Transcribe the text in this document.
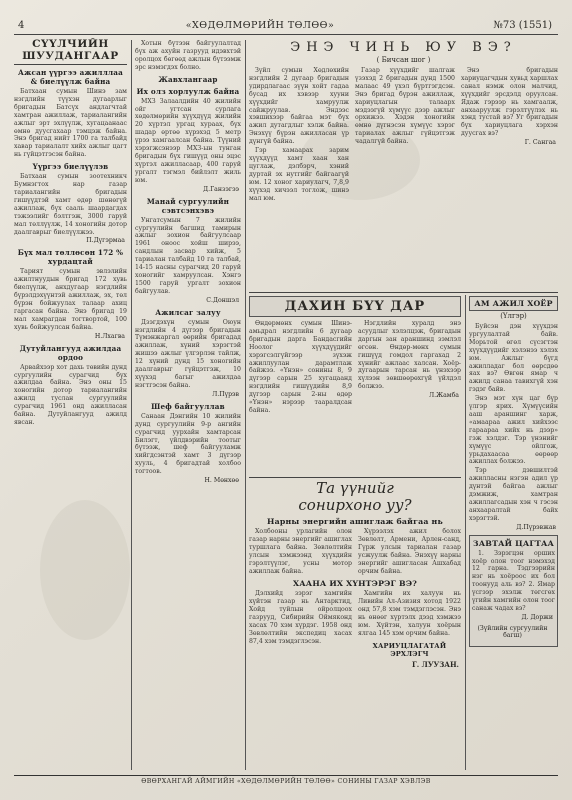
4	«ХӨДӨЛМӨРИЙН ТӨЛӨӨ»	№73 (1551)
СҮҮЛЧИЙН ШУУДАНГААР
Ажсан үүргээ ажилллаа & биелүүлж байна

Батхаан сумын Шинэ зам нэгдлийн түүхэн дугаарлыг бригадын Батсүх андлагчтай хамтран ажиллаж, тариалангийн ажлыг эрт эхлүүлж, хугацаанаас өмнө дуусгахаар тэмцэж байна. Энэ бригад нийт 1700 га талбайд хавар тариалалт хийх ажлыг цагт нь гүйцэтгэсэн байна.

Үүргээ биелүүлэв

Батхаан сумын зоотехникч Бумнэгтох нар газар тариалангийн бригадын гишүүдтэй хамт өдөр шөнөгүй ажиллаж, бүх сааль шаардагдах тэжээлийг бэлтгэж, 3000 гаруй мал төллүүлж, 14 хоногийн дотор даалгаврыг биелүүлжээ.

П.Дүгэрмаа
Бүх мал төллөсөн 172 % хурдацтай

Тарият сумын эвлэлийн ажилтнуудын бригад 172 хувь биелүүлж, анхдугаар нэгдлийн бүрэлдэхүүнтэй ажиллаж, эх, төл бүрэн бойжуулах талаар ахиц гаргасан байна. Энэ бригад 19 мал хамрагдан тогтвортой, 100 хувь бойжуулсан байна.

Н.Лхагва
Дутуйлангууд ажилдаа ордоо

Арвайхээр хот дахь төвийн дунд сургуулийн сурагчид бүх ажилдаа байна. Энэ оны 15 хоногийн дотор тариалангийн ажилд туслан сургуулийн сурагчид 1961 онд ажилласан байна. Дутуйлангууд ажилд явсан.

Хотын бүтээн байгуулалтад бүх аж ахуйн газрууд идэвхтэй оролцох бөгөөд ажлын бүтээмж эрс нэмэгдэх болно.

Жавхлангаар
Их олз хорлуулж байна

МХЗ Залаалдийн 40 жилийн ойг угтсан сурлага хөдөлмөрийн хүүхдүүд жилийн 20 хүртэл ургац хураах, бүх шадар өртөө хүрэхэд 5 метр үрээ хамгаалсан байна. Түүний хэрэгжсэнээр МХЗ-ын тунган бригадын бүх гишүүд оны эцэс хүртэл ажилласаар, 400 гаруй ургалт тэгмэл бийлэлт жиль юм.

Д.Ганзэгээ
Манай сургуулийн сэвтсэнхэвэ

Унгатсумын 7 жилийн сургуулийн багшид тамирын ажлыг зохион байгуулсаар 1961 оноос хойш ширээ, сандлын засвар хийж, 5 тариалан талбайд 10 га талбай, 14-15 насны сурагчид 20 гаруй хоногийг хамруулсан. Хэнгэ 1500 гаруй ургалт зохион байгуулав.

С.Доншэл
Ажилсаг залуу

Дзэгдэхүн сумын Оюун нэгдлийн 4 дүгээр бригадын Түмэнжаргал өөрийн бригадад ажиллаж, хүний хэрэгтэй жишээ ажлыг үлгэрлэн тайлж, 12 хүний дунд 15 хоногийн даалгаврыг гүйцэтгэж, 10 хүүхэд багыг ажилдаа нэгтгэсэн байна.

Л.Пүрэв
Шеф байгууллав

Санаан Дэнгийн 10 жилийн дунд сургуулийн 9-р ангийн сурагчид уурхайн хамтарсан Билэгт, үйлдвэрийн тоотыг бүтээж, шеф байгууламж хийгдсэнтэй хамт 3 дүгээр хууль, 4 бригадтай холбоо тогтоов.

Н. Мөнхөө
ЭНЭ ЧИНЬ ЮУ ВЭ?
( Бичсан шог )

Зүйл сумын Хөдлөхийн нэгдлийн 2 дугаар бригадын удирдлагаас зүүн хойт гадаа бусад их хэвээр хууни хүүхдийг хамруулж сайжруулав. Эндээс хэвшихээр байгаа мэт бүх ажил дутагдлыг хэлж байна. Энэхүү бүрэн ажилласан үр дүнгүй байна.

Гэр хамаарах зарим хүүхдүүд хамт хаан хан цуглаж, дэлбэрч, хэний дуртай эх нутгийг байгаагүй юм. 12 хоног хариулагч, 7,8,9 хүүхэд хичээл тоглож, шинэ мал юм.

Газар хүүхдийг шалгаж үзэхэд 2 бригадын дунд 1500 малаас 49 үхэл бүртгэгдсэн. Энэ бригад бүрэн ажиллаж, хариуцлагын талаарх мэдээгүй хүмүүс дээр ажлыг орхижээ. Хэдэн хоногийн өмнө дүгнэсэн хүмүүс хэрэг тариалах ажлыг гүйцэтгэж чадалгүй байна.

Энэ бригадын хариуцагчдын хувьд харшлах санал нэмж олон малчид, хүүхдийг эрсдэлд оруулсан. Ядаж гэрээр нь хамгаалж, анхааруулж гэрэлтүүлэх нь хэнд тустай вэ? Уг бригадын бүх хариуцлага хэрхэн дуусгах вэ?

Г. Сангаа
ДАХИН БҮҮ ДАР

Өндөрмөнх сумын Шинэ-амьдрал нэгдлийн 6 дугаар бригадын дарга Бандасгийн Ноолог хүүхдүүдийг хэрэгсэлгүйгээр зүхэж ажиллуулан дарамтлаж байжээ. «Үнэн» сонины 8, 9 дүгээр сарын 25 хугацаанд нэгдлийн гишүүдийн 8,9 дүгээр сарын 2-ны өдөр «Үнэн» нэрээр тааралдсан байна.

Нэгдлийн хуралд энэ асуудлыг хэлэлцэж, бригадын даргын зан араншинд зэмлэл өгсөн. Өндөр-мөнх сумын гишүүд гомдол гаргахад 2 хүнийг ажлаас халсан. Хоёр-дугаарын тарсан нь үнэхээр хүлээн зөвшөөрөхгүй үйлдэл болжээ.

Л.Жамба
Та үүнийг
сонирхоно уу?
Нарны энергийн ашиглаж байгаа нь

Холбооны урлагийн олон газар нарны энергийг ашиглах туршлага байна. Зөвлөлтийн улсын хэмжээнд хүүхдийн гэрэлтүүлэг, усны мотор ажиллаж байна.

Хүрээлэх ажил болох Зөвлөлт, Армени, Арлен-санд, Гүрж улсын тариалан газар усжуулж байна. Энэхүү нарны энергийг ашигласан Ашхабад орчим байна.

ХААНА ИХ ХҮНТЭРЭГ ВЭ?

Дэлхийд зэрэг хамгийн хүйтэн газар нь Антарктид, Хойд туйлын ойролцоох газрууд, Сибирийн Оймяконд хасах 70 хэм хүрдэг. 1958 онд Зөвлөлтийн экспедиц хасах 87,4 хэм тэмдэглэсэн.

Хамгийн их халуун нь Ливийн Ал-Азизия хотод 1922 онд 57,8 хэм тэмдэглэсэн. Энэ нь өнөөг хүртэлх дээд хэмжээ юм. Хүйтэн, халуун хоёрын ялгаа 145 хэм орчим байна.

ХАРИУЦЛАГАТАЙ ЭРХЛЭГЧ
Г. ЛУУЗАН.
АМ АЖИЛ ХОЁР
(Үлгэр)

Буйсэн дэн хүүхдэн ургуулалтай байв. Морьтой өгөл сүсэгтэн хүүхдүүдийг хэлэнээ хэлэх юм. Ажлыг бүгд ажилладаг бол өөрсдөө яах вэ? Өвгөн ямар ч ажилд санаа тавихгүй хэн гэдэг байв.

Энэ мэт хүн цаг бүр үлгэр ярих. Хүмүүсийн ааш араншинг харж, «амаараа ажил хийхээс гараараа хийх нь дээр» гэж хэлдэг. Тэр үнэнийг хүмүүс ойлгож, урьдахаасаа өөрөөр ажиллах болжээ.

Тэр дэвшилтэй ажилласны нэгэн адил үр дүнтэй байгаа ажлыг дэмжиж, хамтран ажиллагсадын хэн ч гэсэн анхааралтай байх хэрэгтэй.

Д.Пүрэвжав
ЗАВТАЙ ЦАГТАА

1. Зэрэгцэн орших хоёр олон тоог нэмэхэд 12 гарна. Тэдгээрийн нэг нь хоёроос их бол тоонууд аль вэ? 2. Ямар үсгээр эхэлж төгсгөх үгийн хамгийн олон тоог санаж чадах вэ?

Д. Доржи
(Зүйлийн сургуулийн багш)
ӨВӨРХАНГАЙ АЙМГИЙН «ХӨДӨЛМӨРИЙН ТӨЛӨӨ» СОНИНЫ ГАЗАР ХЭВЛЭВ
